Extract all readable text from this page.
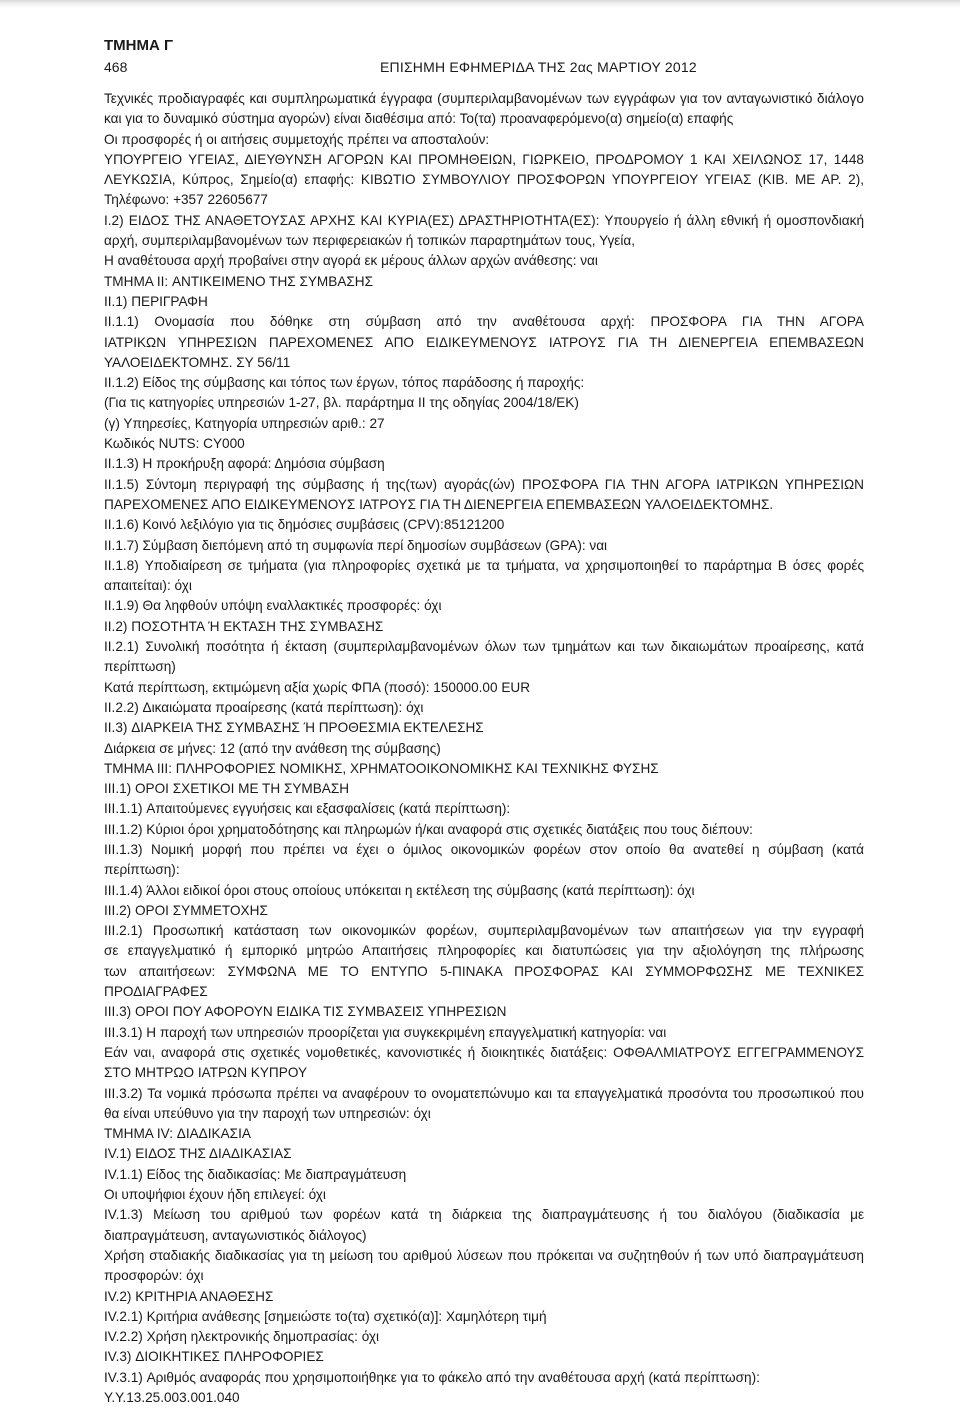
ΤΜΗΜΑ Γ
468	ΕΠΙΣΗΜΗ ΕΦΗΜΕΡΙΔΑ ΤΗΣ 2ας ΜΑΡΤΙΟΥ 2012

Τεχνικές προδιαγραφές και συμπληρωματικά έγγραφα (συμπεριλαμβανομένων των εγγράφων για τον ανταγωνιστικό διάλογο

και για το δυναμικό σύστημα αγορών) είναι διαθέσιμα από: Το(τα) προαναφερόμενο(α) σημείο(α) επαφής

Οι προσφορές ή οι αιτήσεις συμμετοχής πρέπει να αποσταλούν:

ΥΠΟΥΡΓΕΙΟ ΥΓΕΙΑΣ, ΔΙΕΥΘΥΝΣΗ ΑΓΟΡΩΝ ΚΑΙ ΠΡΟΜΗΘΕΙΩΝ, ΓΙΩΡΚΕΙΟ, ΠΡΟΔΡΟΜΟΥ 1 ΚΑΙ ΧΕΙΛΩΝΟΣ 17, 1448

ΛΕΥΚΩΣΙΑ, Κύπρος, Σημείο(α) επαφής: ΚΙΒΩΤΙΟ ΣΥΜΒΟΥΛΙΟΥ ΠΡΟΣΦΟΡΩΝ ΥΠΟΥΡΓΕΙΟΥ ΥΓΕΙΑΣ (ΚΙΒ. ΜΕ ΑΡ. 2),

Τηλέφωνο: +357 22605677

I.2) ΕΙΔΟΣ ΤΗΣ ΑΝΑΘΕΤΟΥΣΑΣ ΑΡΧΗΣ ΚΑΙ ΚΥΡΙΑ(ΕΣ) ΔΡΑΣΤΗΡΙΟΤΗΤΑ(ΕΣ): Υπουργείο ή άλλη εθνική ή ομοσπονδιακή

αρχή, συμπεριλαμβανομένων των περιφερειακών ή τοπικών παραρτημάτων τους, Υγεία,

Η αναθέτουσα αρχή προβαίνει στην αγορά εκ μέρους άλλων αρχών ανάθεσης: ναι

ΤΜΗΜΑ II: ΑΝΤΙΚΕΙΜΕΝΟ ΤΗΣ ΣΥΜΒΑΣΗΣ

II.1) ΠΕΡΙΓΡΑΦΗ

II.1.1) Ονομασία που δόθηκε στη σύμβαση από την αναθέτουσα αρχή: ΠΡΟΣΦΟΡΑ ΓΙΑ ΤΗΝ ΑΓΟΡΑ

ΙΑΤΡΙΚΩΝ ΥΠΗΡΕΣΙΩΝ ΠΑΡΕΧΟΜΕΝΕΣ ΑΠΟ ΕΙΔΙΚΕΥΜΕΝΟΥΣ ΙΑΤΡΟΥΣ ΓΙΑ ΤΗ ΔΙΕΝΕΡΓΕΙΑ ΕΠΕΜΒΑΣΕΩΝ

ΥΑΛΟΕΙΔΕΚΤΟΜΗΣ. ΣΥ 56/11

II.1.2) Είδος της σύμβασης και τόπος των έργων, τόπος παράδοσης ή παροχής:

(Για τις κατηγορίες υπηρεσιών 1-27, βλ. παράρτημα II της οδηγίας 2004/18/ΕΚ)

(γ) Υπηρεσίες, Κατηγορία υπηρεσιών αριθ.: 27

Κωδικός NUTS: CY000

II.1.3) Η προκήρυξη αφορά: Δημόσια σύμβαση

II.1.5) Σύντομη περιγραφή της σύμβασης ή της(των) αγοράς(ών) ΠΡΟΣΦΟΡΑ ΓΙΑ ΤΗΝ ΑΓΟΡΑ ΙΑΤΡΙΚΩΝ ΥΠΗΡΕΣΙΩΝ

ΠΑΡΕΧΟΜΕΝΕΣ ΑΠΟ ΕΙΔΙΚΕΥΜΕΝΟΥΣ ΙΑΤΡΟΥΣ ΓΙΑ ΤΗ ΔΙΕΝΕΡΓΕΙΑ ΕΠΕΜΒΑΣΕΩΝ ΥΑΛΟΕΙΔΕΚΤΟΜΗΣ.

II.1.6) Κοινό λεξιλόγιο για τις δημόσιες συμβάσεις (CPV):85121200

II.1.7) Σύμβαση διεπόμενη από τη συμφωνία περί δημοσίων συμβάσεων (GPA): ναι

II.1.8) Υποδιαίρεση σε τμήματα (για πληροφορίες σχετικά με τα τμήματα, να χρησιμοποιηθεί το παράρτημα Β όσες φορές

απαιτείται): όχι

II.1.9) Θα ληφθούν υπόψη εναλλακτικές προσφορές: όχι

II.2) ΠΟΣΟΤΗΤΑ Ή ΕΚΤΑΣΗ ΤΗΣ ΣΥΜΒΑΣΗΣ

II.2.1) Συνολική ποσότητα ή έκταση (συμπεριλαμβανομένων όλων των τμημάτων και των δικαιωμάτων προαίρεσης, κατά

περίπτωση)

Κατά περίπτωση, εκτιμώμενη αξία χωρίς ΦΠΑ (ποσό): 150000.00 EUR

II.2.2) Δικαιώματα προαίρεσης (κατά περίπτωση): όχι

II.3) ΔΙΑΡΚΕΙΑ ΤΗΣ ΣΥΜΒΑΣΗΣ Ή ΠΡΟΘΕΣΜΙΑ ΕΚΤΕΛΕΣΗΣ

Διάρκεια σε μήνες: 12 (από την ανάθεση της σύμβασης)

ΤΜΗΜΑ III: ΠΛΗΡΟΦΟΡΙΕΣ ΝΟΜΙΚΗΣ, ΧΡΗΜΑΤΟΟΙΚΟΝΟΜΙΚΗΣ ΚΑΙ ΤΕΧΝΙΚΗΣ ΦΥΣΗΣ

III.1) ΟΡΟΙ ΣΧΕΤΙΚΟΙ ΜΕ ΤΗ ΣΥΜΒΑΣΗ

III.1.1) Απαιτούμενες εγγυήσεις και εξασφαλίσεις (κατά περίπτωση):

III.1.2) Κύριοι όροι χρηματοδότησης και πληρωμών ή/και αναφορά στις σχετικές διατάξεις που τους διέπουν:

III.1.3) Νομική μορφή που πρέπει να έχει ο όμιλος οικονομικών φορέων στον οποίο θα ανατεθεί η σύμβαση (κατά

περίπτωση):

III.1.4) Άλλοι ειδικοί όροι στους οποίους υπόκειται η εκτέλεση της σύμβασης (κατά περίπτωση): όχι

III.2) ΟΡΟΙ ΣΥΜΜΕΤΟΧΗΣ

III.2.1) Προσωπική κατάσταση των οικονομικών φορέων, συμπεριλαμβανομένων των απαιτήσεων για την εγγραφή

σε επαγγελματικό ή εμπορικό μητρώο Απαιτήσεις πληροφορίες και διατυπώσεις για την αξιολόγηση της πλήρωσης

των απαιτήσεων: ΣΥΜΦΩΝΑ ΜΕ ΤΟ ΕΝΤΥΠΟ 5-ΠΙΝΑΚΑ ΠΡΟΣΦΟΡΑΣ ΚΑΙ ΣΥΜΜΟΡΦΩΣΗΣ ΜΕ ΤΕΧΝΙΚΕΣ

ΠΡΟΔΙΑΓΡΑΦΕΣ

III.3) ΟΡΟΙ ΠΟΥ ΑΦΟΡΟΥΝ ΕΙΔΙΚΑ ΤΙΣ ΣΥΜΒΑΣΕΙΣ ΥΠΗΡΕΣΙΩΝ

III.3.1) Η παροχή των υπηρεσιών προορίζεται για συγκεκριμένη επαγγελματική κατηγορία: ναι

Εάν ναι, αναφορά στις σχετικές νομοθετικές, κανονιστικές ή διοικητικές διατάξεις: ΟΦΘΑΛΜΙΑΤΡΟΥΣ ΕΓΓΕΓΡΑΜΜΕΝΟΥΣ

ΣΤΟ ΜΗΤΡΩΟ ΙΑΤΡΩΝ ΚΥΠΡΟΥ

III.3.2) Τα νομικά πρόσωπα πρέπει να αναφέρουν το ονοματεπώνυμο και τα επαγγελματικά προσόντα του προσωπικού που

θα είναι υπεύθυνο για την παροχή των υπηρεσιών: όχι

ΤΜΗΜΑ IV: ΔΙΑΔΙΚΑΣΙΑ

IV.1) ΕΙΔΟΣ ΤΗΣ ΔΙΑΔΙΚΑΣΙΑΣ

IV.1.1) Είδος της διαδικασίας: Με διαπραγμάτευση

Οι υποψήφιοι έχουν ήδη επιλεγεί: όχι

IV.1.3) Μείωση του αριθμού των φορέων κατά τη διάρκεια της διαπραγμάτευσης ή του διαλόγου (διαδικασία με

διαπραγμάτευση, ανταγωνιστικός διάλογος)

Χρήση σταδιακής διαδικασίας για τη μείωση του αριθμού λύσεων που πρόκειται να συζητηθούν ή των υπό διαπραγμάτευση

προσφορών: όχι

IV.2) ΚΡΙΤΗΡΙΑ ΑΝΑΘΕΣΗΣ

IV.2.1) Κριτήρια ανάθεσης [σημειώστε το(τα) σχετικό(α)]: Χαμηλότερη τιμή

IV.2.2) Χρήση ηλεκτρονικής δημοπρασίας: όχι

IV.3) ΔΙΟΙΚΗΤΙΚΕΣ ΠΛΗΡΟΦΟΡΙΕΣ

IV.3.1) Αριθμός αναφοράς που χρησιμοποιήθηκε για το φάκελο από την αναθέτουσα αρχή (κατά περίπτωση): Υ.Υ.13.25.003.001.040
